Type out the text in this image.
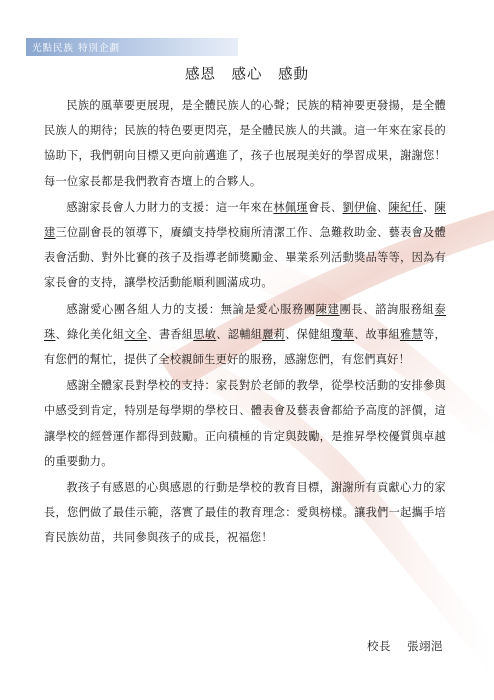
光點民族 特別企劃
感恩　感心　感動

民族的風華要更展現，是全體民族人的心聲；民族的精神要更發揚，是全體民族人的期待；民族的特色要更閃亮，是全體民族人的共識。這一年來在家長的協助下，我們朝向目標又更向前邁進了，孩子也展現美好的學習成果，謝謝您！每一位家長都是我們教育杏壇上的合夥人。

感謝家長會人力財力的支援：這一年來在林佩瑾會長、劉伊倫、陳紀任、陳建三位副會長的領導下，賡續支持學校廁所清潔工作、急難救助金、藝表會及體表會活動、對外比賽的孩子及指導老師獎勵金、畢業系列活動獎品等等，因為有家長會的支持，讓學校活動能順利圓滿成功。

感謝愛心團各組人力的支援：無論是愛心服務團陳建團長、諮詢服務組泰珠、綠化美化組文全、書香組思敏、認輔組麗莉、保健組瓊華、故事組雅慧等，有您們的幫忙，提供了全校親師生更好的服務，感謝您們，有您們真好！

感謝全體家長對學校的支持：家長對於老師的教學，從學校活動的安排參與中感受到肯定，特別是每學期的學校日、體表會及藝表會都給予高度的評價，這讓學校的經營運作都得到鼓勵。正向積極的肯定與鼓勵，是推昇學校優質與卓越的重要動力。

教孩子有感恩的心與感恩的行動是學校的教育目標，謝謝所有貢獻心力的家長，您們做了最佳示範，落實了最佳的教育理念：愛與榜樣。讓我們一起攜手培育民族幼苗，共同參與孩子的成長，祝福您！

校長 張翊浥
